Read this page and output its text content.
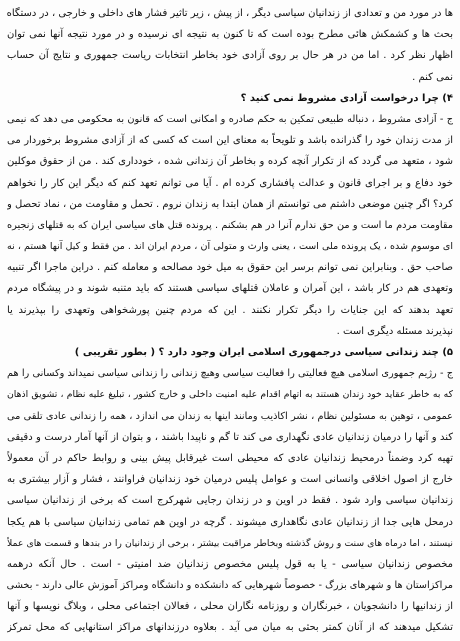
ها در مورد من و تعدادی از زندانیان سیاسی دیگر ، از پیش ، زیر تاثیر فشار های داخلی و خارجی ، در دستگاه
بحث ها و کشمکش هائی مطرح بوده است که تا کنون به نتیجه ای نرسیده و در مورد نتیجه آنها نمی توان
اظهار نظر کرد . اما من در هر حال بر روی آزادی خود بخاطر انتخابات ریاست جمهوری و نتایج آن حساب
نمی کنم .
۴) چرا درخواست آزادی مشروط نمی کنید ؟
ج - آزادی مشروط ، دنباله طبیعی تمکین به حکم صادره و امکانی است که قانون به محکومی می دهد که نیمی
از مدت زندان خود را گذرانده باشد و تلویحاً به معنای این است که کسی که از آزادی مشروط برخوردار می
شود ، متعهد می گردد که از تکرار آنچه کرده و بخاطر آن زندانی شده ، خودداری کند . من از حقوق موکلین
خود دفاع و بر اجرای قانون و عدالت پافشاری کرده ام . آیا می توانم تعهد کنم که دیگر این کار را نخواهم
کرد؟ اگر چنین موضعی داشتم می توانستم از همان ابتدا به زندان نروم . تحمل و مقاومت من ، نماد تحصل و
مقاومت مردم ما است و من حق ندارم آنرا در هم بشکنم . پرونده قتل های سیاسی ایران که به قتلهای زنجیره
ای موسوم شده ، یک پرونده ملی است ، یعنی وارث و متولی آن ، مردم ایران اند . من فقط و کیل آنها هستم ، نه
صاحب حق . وبنابراین نمی توانم برسر این حقوق به میل خود مصالحه و معامله کنم . دراین ماجرا اگر تنبیه
وتعهدی هم در کار باشد ، این آمران و عاملان قتلهای سیاسی هستند که باید متنبه شوند و در پیشگاه مردم
تعهد بدهند که این جنایات را دیگر تکرار نکنند . این که مردم چنین پورشخواهی وتعهدی را بپذیرند یا
نپذیرند مسئله دیگری است .
۵) چند زندانی سیاسی درجمهوری اسلامی ایران وجود دارد ؟ ( بطور تقریبی )
ج - رژیم جمهوری اسلامی هیچ فعالیتی را فعالیت سیاسی وهیچ زندانی را زندانی سیاسی نمیداند وکسانی را هم
که به خاطر عقاید خود زندان هستند به اتهام اقدام علیه امنیت داخلی و خارج کشور ، تبلیغ علیه نظام ، تشویق اذهان
عمومی ، توهین به مسئولین نظام ، نشر اکاذیب ومانند اینها به زندان می اندازد ، همه را زندانی عادی تلقی می
کند و آنها را درمیان زندانیان عادی نگهداری می کند تا گم و ناپیدا باشند ، و بتوان از آنها آمار درست و دقیقی
تهیه کرد وضمناً درمحیط زندانیان عادی که محیطی است غیرقابل پیش بینی و روابط حاکم در آن معمولاً
خارج از اصول اخلاقی وانسانی است و عوامل پلیس درمیان خود زندانیان فراوانند ، فشار و آزار بیشتری به
زندانیان سیاسی وارد شود . فقط در اوین و در زندان رجایی شهرکرج است که برخی از زندانیان سیاسی
درمحل هایی جدا از زندانیان عادی نگاهداری میشوند . گرچه در اوین هم تمامی زندانیان سیاسی با هم یکجا
نیستند ، اما درماه های سنت و روش گذشته وبخاطر مراقبت بیشتر ، برخی از زندانیان را در بندها و قسمت های عملاً
مخصوص زندانیان سیاسی - یا به قول پلیس مخصوص زندانیان ضد امنیتی - است . حال آنکه درهمه
مراکزاستان ها و شهرهای بزرگ - خصوصاً شهرهایی که دانشکده و دانشگاه ومراکز آموزش عالی دارند - بخشی
از زندانیها را دانشجویان ، خبرنگاران و روزنامه نگاران محلی ، فعالان اجتماعی محلی ، وبلاگ نویسها و آنها
تشکیل میدهند که از آنان کمتر بحثی به میان می آید . بعلاوه درزندانهای مراکز استانهایی که محل تمرکز
